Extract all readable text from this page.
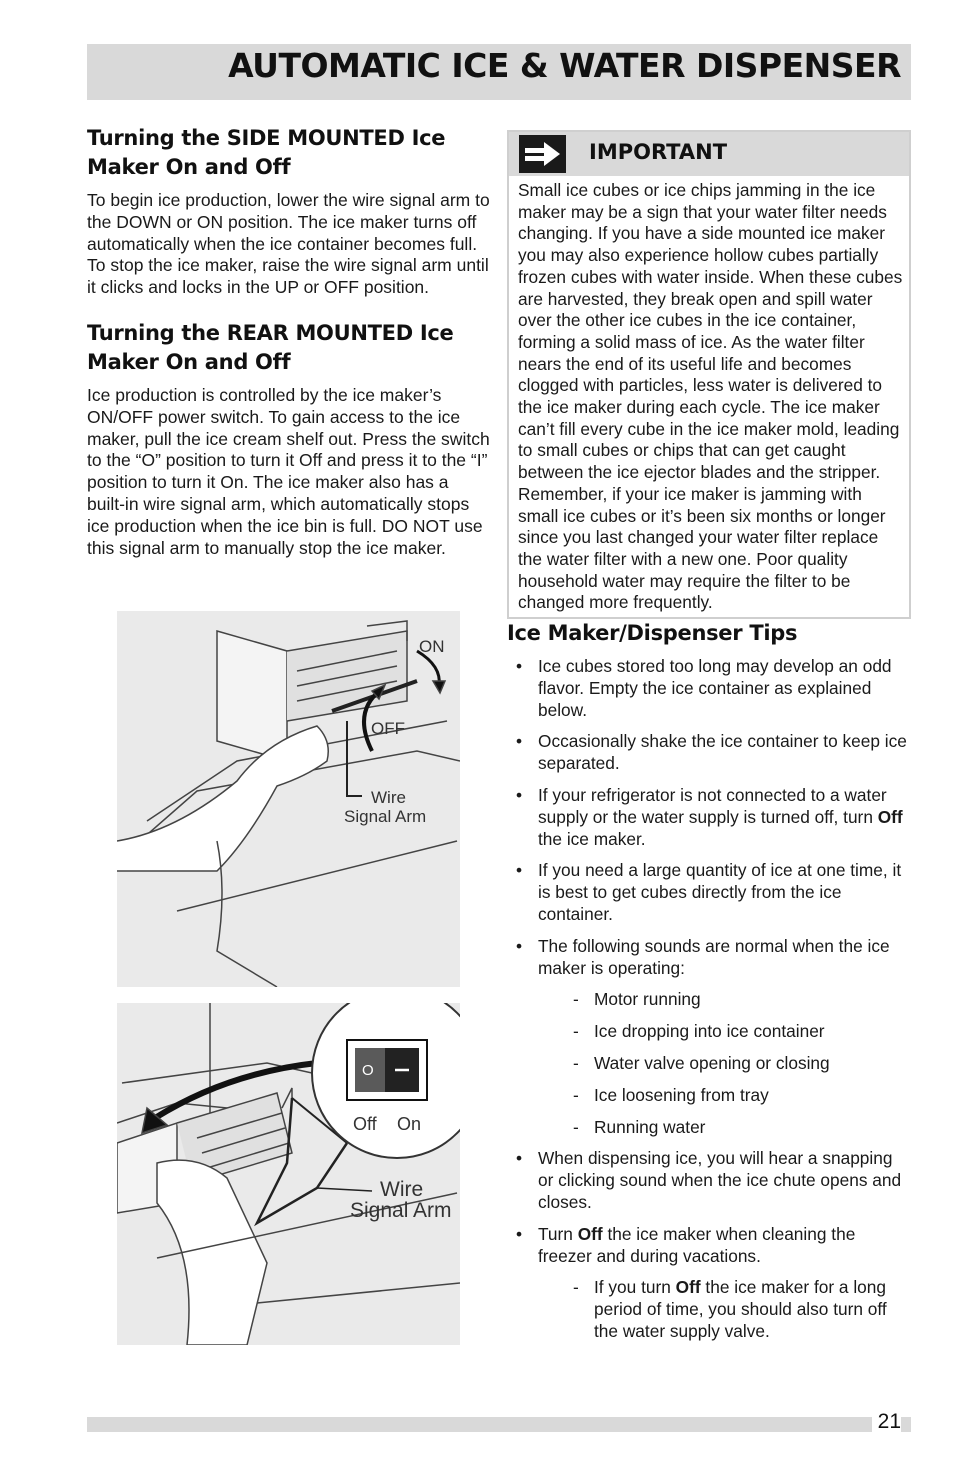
AUTOMATIC ICE & WATER DISPENSER
Turning the SIDE MOUNTED Ice Maker On and Off

To begin ice production, lower the wire signal arm to the DOWN or ON position. The ice maker turns off automatically when the ice container becomes full. To stop the ice maker, raise the wire signal arm until it clicks and locks in the UP or OFF position.

Turning the REAR MOUNTED Ice Maker On and Off

Ice production is controlled by the ice maker’s ON/OFF power switch. To gain access to the ice maker, pull the ice cream shelf out. Press the switch to the “O” position to turn it Off and press it to the “I” position to turn it On. The ice maker also has a built-in wire signal arm, which automatically stops ice production when the ice bin is full. DO NOT use this signal arm to manually stop the ice maker.

ON
OFF
Wire
Signal Arm
O
Off On
Wire
Signal Arm
IMPORTANT
Small ice cubes or ice chips jamming in the ice maker may be a sign that your water filter needs changing. If you have a side mounted ice maker you may also experience hollow cubes partially frozen cubes with water inside. When these cubes are harvested, they break open and spill water over the other ice cubes in the ice container, forming a solid mass of ice. As the water filter nears the end of its useful life and becomes clogged with particles, less water is delivered to the ice maker during each cycle. The ice maker can’t fill every cube in the ice maker mold, leading to small cubes or chips that can get caught between the ice ejector blades and the stripper. Remember, if your ice maker is jamming with small ice cubes or it’s been six months or longer since you last changed your water filter replace the water filter with a new one. Poor quality household water may require the filter to be changed more frequently.
Ice Maker/Dispenser Tips
• Ice cubes stored too long may develop an odd flavor. Empty the ice container as explained below.
• Occasionally shake the ice container to keep ice separated.
• If your refrigerator is not connected to a water supply or the water supply is turned off, turn Off the ice maker.
• If you need a large quantity of ice at one time, it is best to get cubes directly from the ice container.
• The following sounds are normal when the ice maker is operating:
- Motor running
- Ice dropping into ice container
- Water valve opening or closing
- Ice loosening from tray
- Running water
• When dispensing ice, you will hear a snapping or clicking sound when the ice chute opens and closes.
• Turn Off the ice maker when cleaning the freezer and during vacations.
- If you turn Off the ice maker for a long period of time, you should also turn off the water supply valve.
21
